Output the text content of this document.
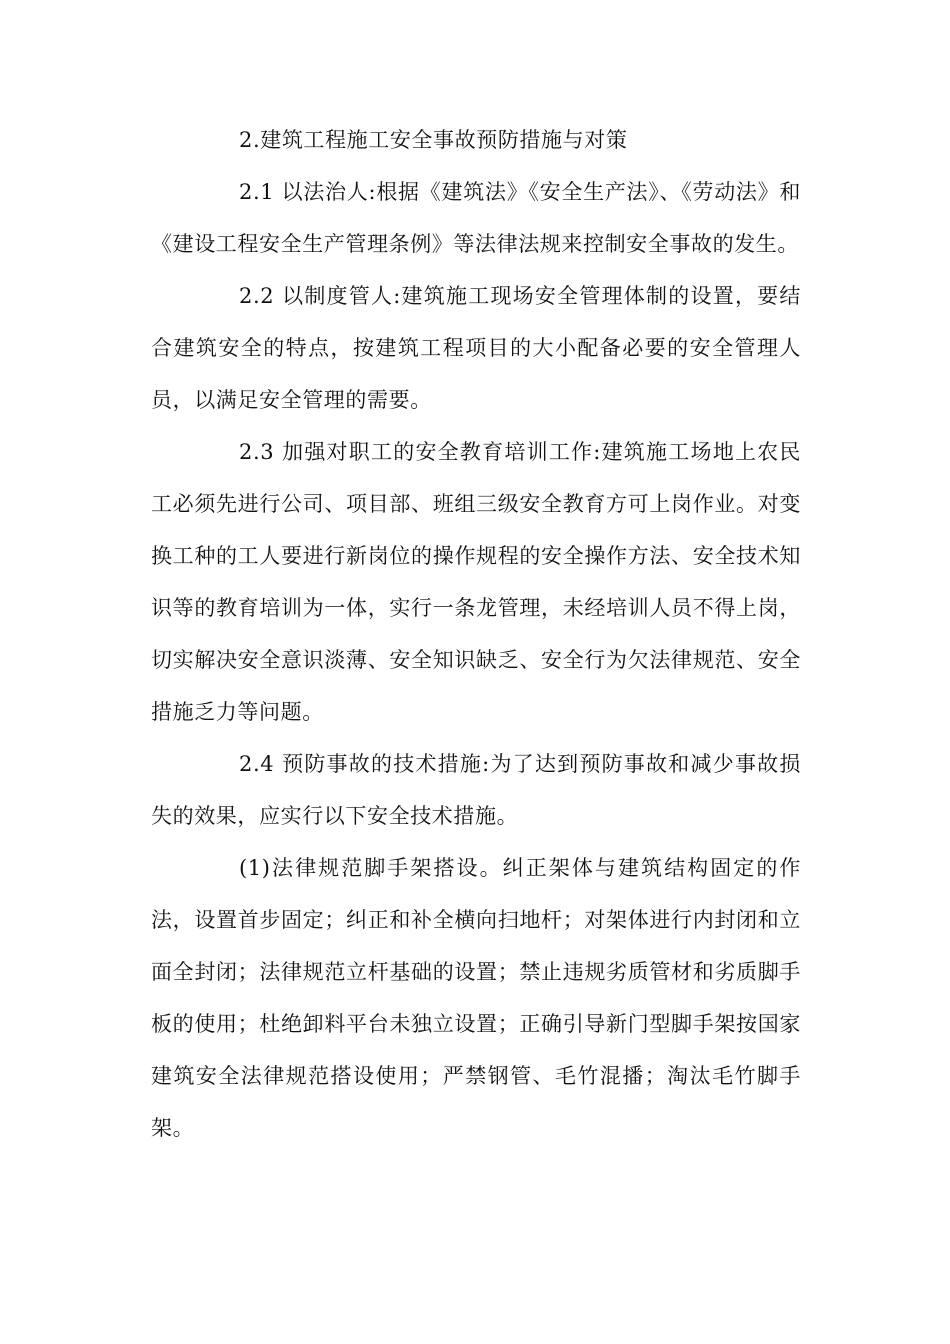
2.建筑工程施工安全事故预防措施与对策

2.1 以法治人:根据《建筑法》《安全生产法》、《劳动法》和《建设工程安全生产管理条例》等法律法规来控制安全事故的发生。

2.2 以制度管人:建筑施工现场安全管理体制的设置，要结合建筑安全的特点，按建筑工程项目的大小配备必要的安全管理人员，以满足安全管理的需要。

2.3 加强对职工的安全教育培训工作:建筑施工场地上农民工必须先进行公司、项目部、班组三级安全教育方可上岗作业。对变换工种的工人要进行新岗位的操作规程的安全操作方法、安全技术知识等的教育培训为一体，实行一条龙管理，未经培训人员不得上岗，切实解决安全意识淡薄、安全知识缺乏、安全行为欠法律规范、安全措施乏力等问题。

2.4 预防事故的技术措施:为了达到预防事故和减少事故损失的效果，应实行以下安全技术措施。

(1)法律规范脚手架搭设。纠正架体与建筑结构固定的作法，设置首步固定；纠正和补全横向扫地杆；对架体进行内封闭和立面全封闭；法律规范立杆基础的设置；禁止违规劣质管材和劣质脚手板的使用；杜绝卸料平台未独立设置；正确引导新门型脚手架按国家建筑安全法律规范搭设使用；严禁钢管、毛竹混播；淘汰毛竹脚手架。
